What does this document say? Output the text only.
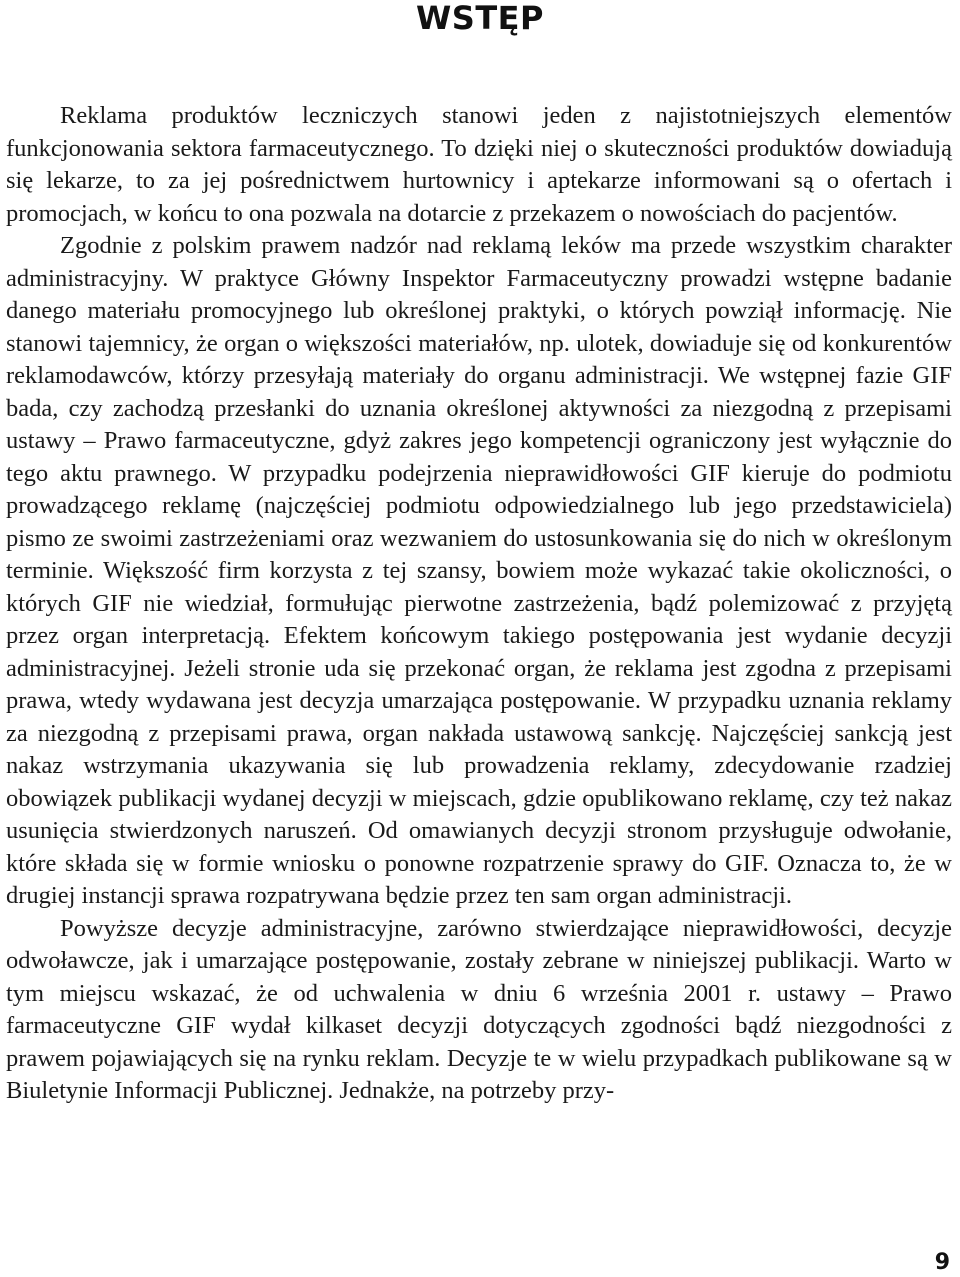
WSTĘP

Reklama produktów leczniczych stanowi jeden z najistotniejszych elementów funkcjonowania sektora farmaceutycznego. To dzięki niej o skuteczności produktów dowiadują się lekarze, to za jej pośrednictwem hurtownicy i aptekarze informowani są o ofertach i promocjach, w końcu to ona pozwala na dotarcie z przekazem o nowościach do pacjentów.

Zgodnie z polskim prawem nadzór nad reklamą leków ma przede wszystkim charakter administracyjny. W praktyce Główny Inspektor Farmaceutyczny prowadzi wstępne badanie danego materiału promocyjnego lub określonej praktyki, o których powziął informację. Nie stanowi tajemnicy, że organ o większości materiałów, np. ulotek, dowiaduje się od konkurentów reklamodawców, którzy przesyłają materiały do organu administracji. We wstępnej fazie GIF bada, czy zachodzą przesłanki do uznania określonej aktywności za niezgodną z przepisami ustawy – Prawo farmaceutyczne, gdyż zakres jego kompetencji ograniczony jest wyłącznie do tego aktu prawnego. W przypadku podejrzenia nieprawidłowości GIF kieruje do podmiotu prowadzącego reklamę (najczęściej podmiotu odpowiedzialnego lub jego przedstawiciela) pismo ze swoimi zastrzeżeniami oraz wezwaniem do ustosunkowania się do nich w określonym terminie. Większość firm korzysta z tej szansy, bowiem może wykazać takie okoliczności, o których GIF nie wiedział, formułując pierwotne zastrzeżenia, bądź polemizować z przyjętą przez organ interpretacją. Efektem końcowym takiego postępowania jest wydanie decyzji administracyjnej. Jeżeli stronie uda się przekonać organ, że reklama jest zgodna z przepisami prawa, wtedy wydawana jest decyzja umarzająca postępowanie. W przypadku uznania reklamy za niezgodną z przepisami prawa, organ nakłada ustawową sankcję. Najczęściej sankcją jest nakaz wstrzymania ukazywania się lub prowadzenia reklamy, zdecydowanie rzadziej obowiązek publikacji wydanej decyzji w miejscach, gdzie opublikowano reklamę, czy też nakaz usunięcia stwierdzonych naruszeń. Od omawianych decyzji stronom przysługuje odwołanie, które składa się w formie wniosku o ponowne rozpatrzenie sprawy do GIF. Oznacza to, że w drugiej instancji sprawa rozpatrywana będzie przez ten sam organ administracji.

Powyższe decyzje administracyjne, zarówno stwierdzające nieprawidłowości, decyzje odwoławcze, jak i umarzające postępowanie, zostały zebrane w niniejszej publikacji. Warto w tym miejscu wskazać, że od uchwalenia w dniu 6 września 2001 r. ustawy – Prawo farmaceutyczne GIF wydał kilkaset decyzji dotyczących zgodności bądź niezgodności z prawem pojawiających się na rynku reklam. Decyzje te w wielu przypadkach publikowane są w Biuletynie Informacji Publicznej. Jednakże, na potrzeby przy-

9
